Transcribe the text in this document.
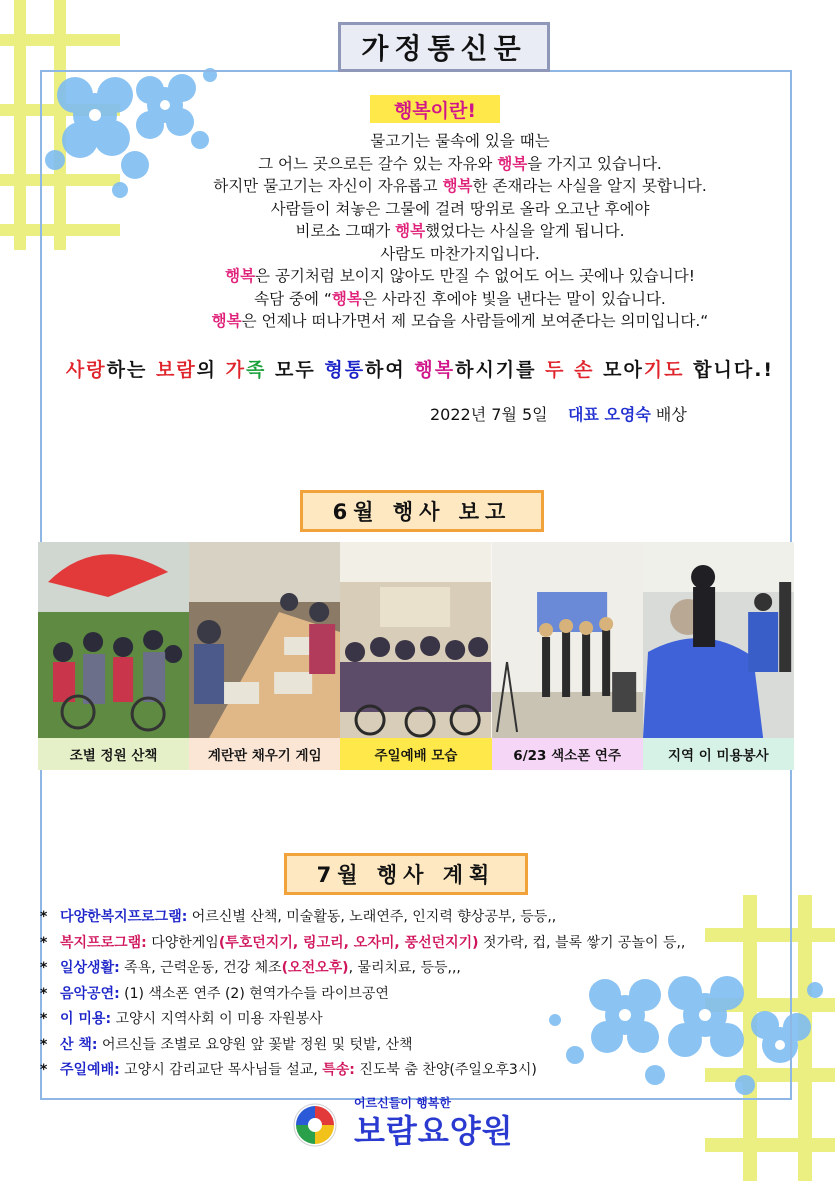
가정통신문
행복이란!
물고기는 물속에 있을 때는
그 어느 곳으로든 갈수 있는 자유와 행복을 가지고 있습니다.
하지만 물고기는 자신이 자유롭고 행복한 존재라는 사실을 알지 못합니다.
사람들이 쳐놓은 그물에 걸려 땅위로 올라 오고난 후에야
비로소 그때가 행복했었다는 사실을 알게 됩니다.
사람도 마찬가지입니다.
행복은 공기처럼 보이지 않아도 만질 수 없어도 어느 곳에나 있습니다!
속담 중에 “행복은 사라진 후에야 빛을 낸다는 말이 있습니다.
행복은 언제나 떠나가면서 제 모습을 사람들에게 보여준다는 의미입니다.“
사랑하는 보람의 가족 모두 형통하여 행복하시기를 두 손 모아기도 합니다.!
2022년 7월 5일 대표 오영숙 배상
6월 행사 보고
조별 정원 산책	계란판 채우기 게임	주일예배 모습	6/23 색소폰 연주	지역 이 미용봉사
7월 행사 계획
* 다양한복지프로그램: 어르신별 산책, 미술활동, 노래연주, 인지력 향상공부, 등등,,
* 복지프로그램: 다양한게임(투호던지기, 링고리, 오자미, 풍선던지기) 젓가락, 컵, 블록 쌓기 공놀이 등,,
* 일상생활: 족욕, 근력운동, 건강 체조(오전오후), 물리치료, 등등,,,
* 음악공연: (1) 색소폰 연주 (2) 현역가수들 라이브공연
* 이 미용: 고양시 지역사회 이 미용 자원봉사
* 산 책: 어르신들 조별로 요양원 앞 꽃밭 정원 및 텃밭, 산책
* 주일예배: 고양시 감리교단 목사님들 설교, 특송: 진도북 춤 찬양(주일오후3시)
어르신들이 행복한
보람요양원
